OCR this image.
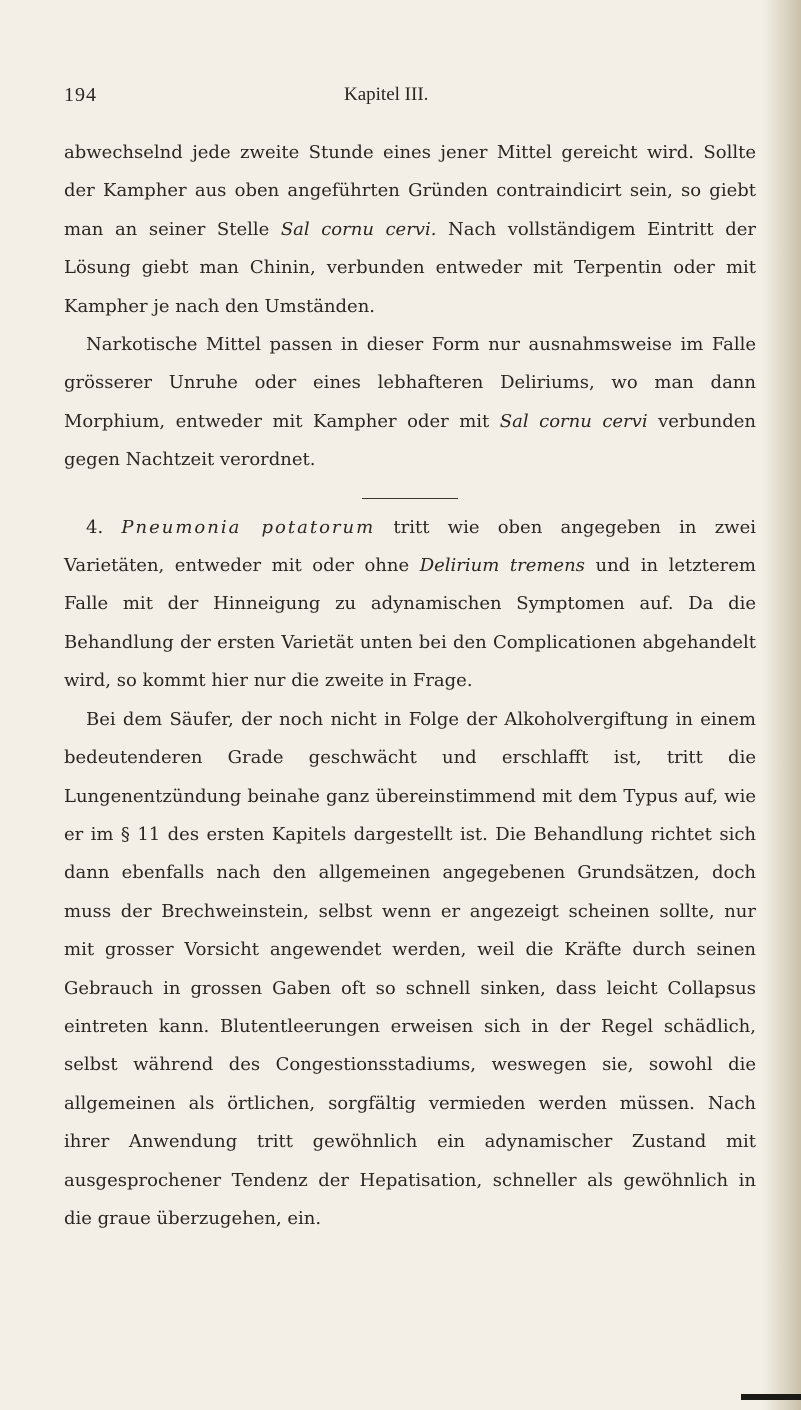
194	Kapitel III.

abwechselnd jede zweite Stunde eines jener Mittel gereicht wird. Sollte der Kampher aus oben angeführten Gründen contraindicirt sein, so giebt man an seiner Stelle Sal cornu cervi. Nach vollständigem Eintritt der Lösung giebt man Chinin, verbunden entweder mit Terpentin oder mit Kampher je nach den Umständen.

Narkotische Mittel passen in dieser Form nur ausnahmsweise im Falle grösserer Unruhe oder eines lebhafteren Deliriums, wo man dann Morphium, entweder mit Kampher oder mit Sal cornu cervi verbunden gegen Nachtzeit verordnet.

4. Pneumonia potatorum tritt wie oben angegeben in zwei Varietäten, entweder mit oder ohne Delirium tremens und in letzterem Falle mit der Hinneigung zu adynamischen Symptomen auf. Da die Behandlung der ersten Varietät unten bei den Complicationen abgehandelt wird, so kommt hier nur die zweite in Frage.

Bei dem Säufer, der noch nicht in Folge der Alkoholvergiftung in einem bedeutenderen Grade geschwächt und erschlafft ist, tritt die Lungenentzündung beinahe ganz übereinstimmend mit dem Typus auf, wie er im § 11 des ersten Kapitels dargestellt ist. Die Behandlung richtet sich dann ebenfalls nach den allgemeinen angegebenen Grundsätzen, doch muss der Brechweinstein, selbst wenn er angezeigt scheinen sollte, nur mit grosser Vorsicht angewendet werden, weil die Kräfte durch seinen Gebrauch in grossen Gaben oft so schnell sinken, dass leicht Collapsus eintreten kann. Blutentleerungen erweisen sich in der Regel schädlich, selbst während des Congestionsstadiums, weswegen sie, sowohl die allgemeinen als örtlichen, sorgfältig vermieden werden müssen. Nach ihrer Anwendung tritt gewöhnlich ein adynamischer Zustand mit ausgesprochener Tendenz der Hepatisation, schneller als gewöhnlich in die graue überzugehen, ein.
